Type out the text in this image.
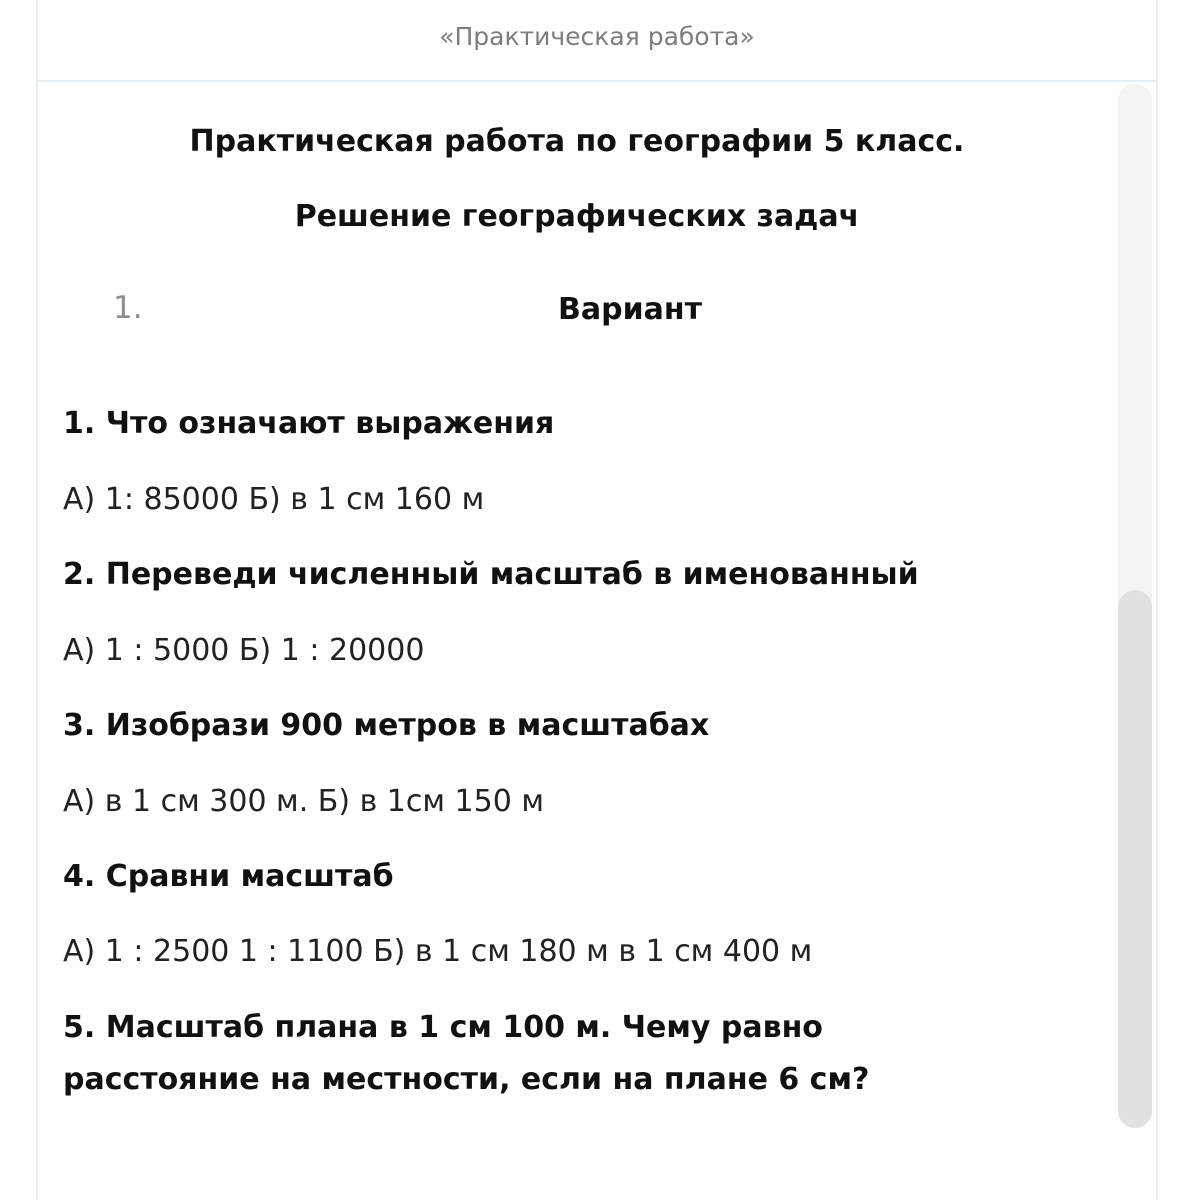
«Практическая работа»
Практическая работа по географии 5 класс.
Решение географических задач
1.	Вариант
1. Что означают выражения
А) 1: 85000 Б) в 1 см 160 м
2. Переведи численный масштаб в именованный
А) 1 : 5000 Б) 1 : 20000
3. Изобрази 900 метров в масштабах
А) в 1 см 300 м. Б) в 1см 150 м
4. Сравни масштаб
А) 1 : 2500 1 : 1100 Б) в 1 см 180 м в 1 см 400 м
5. Масштаб плана в 1 см 100 м. Чему равно расстояние на местности, если на плане 6 см?
